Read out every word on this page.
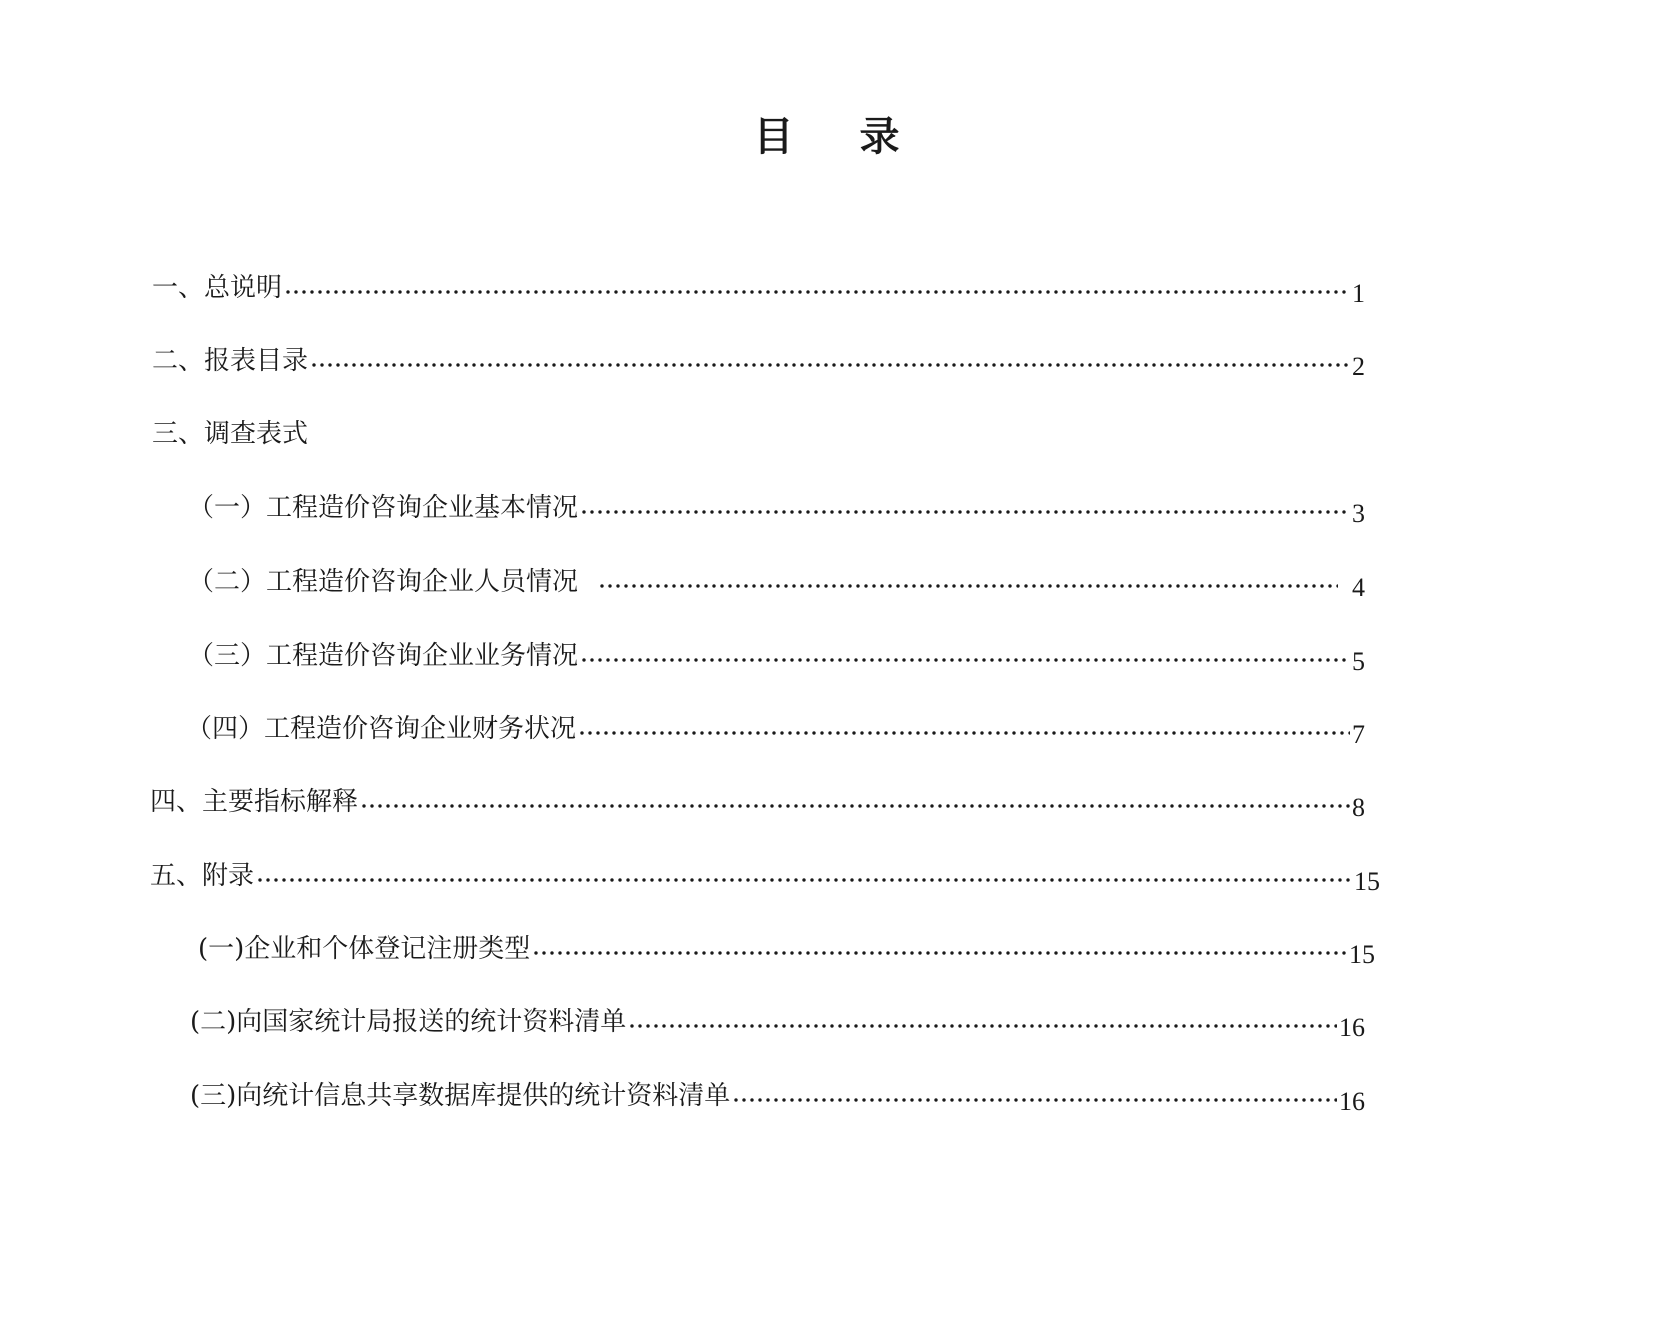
目 录
一、总说明	1
二、报表目录	2
三、调查表式
（一）工程造价咨询企业基本情况	3
（二）工程造价咨询企业人员情况	4
（三）工程造价咨询企业业务情况	5
（四）工程造价咨询企业财务状况	7
四、主要指标解释	8
五、附录	15
(一)企业和个体登记注册类型	15
(二)向国家统计局报送的统计资料清单	16
(三)向统计信息共享数据库提供的统计资料清单	16
